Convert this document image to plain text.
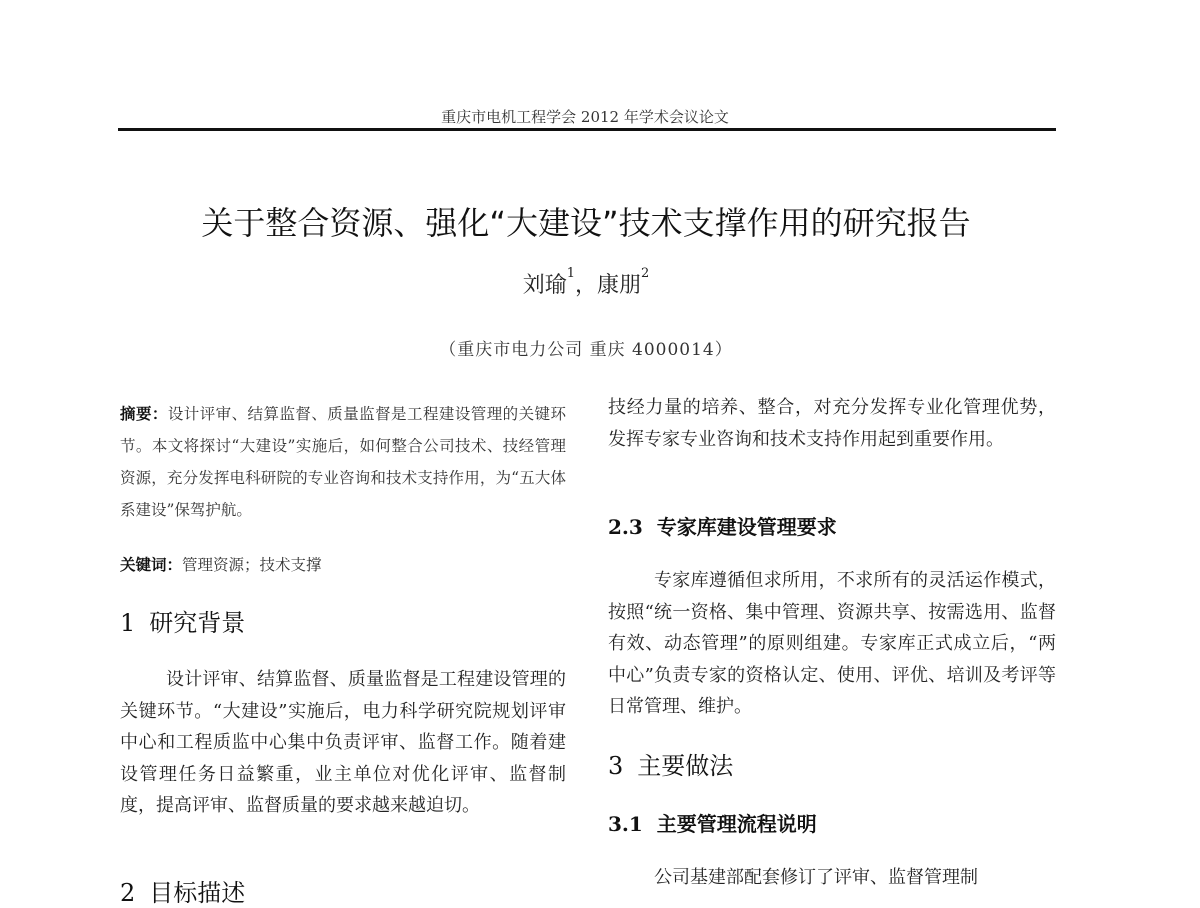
重庆市电机工程学会 2012 年学术会议论文
关于整合资源、强化“大建设”技术支撑作用的研究报告
刘瑜$^1$，康朋$^2$
（重庆市电力公司 重庆 4000014）

摘要：设计评审、结算监督、质量监督是工程建设管理的关键环节。本文将探讨“大建设”实施后，如何整合公司技术、技经管理资源，充分发挥电科研院的专业咨询和技术支持作用，为“五大体系建设”保驾护航。

关键词：管理资源；技术支撑

1 研究背景

设计评审、结算监督、质量监督是工程建设管理的关键环节。“大建设”实施后，电力科学研究院规划评审中心和工程质监中心集中负责评审、监督工作。随着建设管理任务日益繁重，业主单位对优化评审、监督制度，提高评审、监督质量的要求越来越迫切。

2 目标描述

技经力量的培养、整合，对充分发挥专业化管理优势，发挥专家专业咨询和技术支持作用起到重要作用。

2.3 专家库建设管理要求

专家库遵循但求所用，不求所有的灵活运作模式，按照“统一资格、集中管理、资源共享、按需选用、监督有效、动态管理”的原则组建。专家库正式成立后，“两中心”负责专家的资格认定、使用、评优、培训及考评等日常管理、维护。

3 主要做法
3.1 主要管理流程说明

公司基建部配套修订了评审、监督管理制
